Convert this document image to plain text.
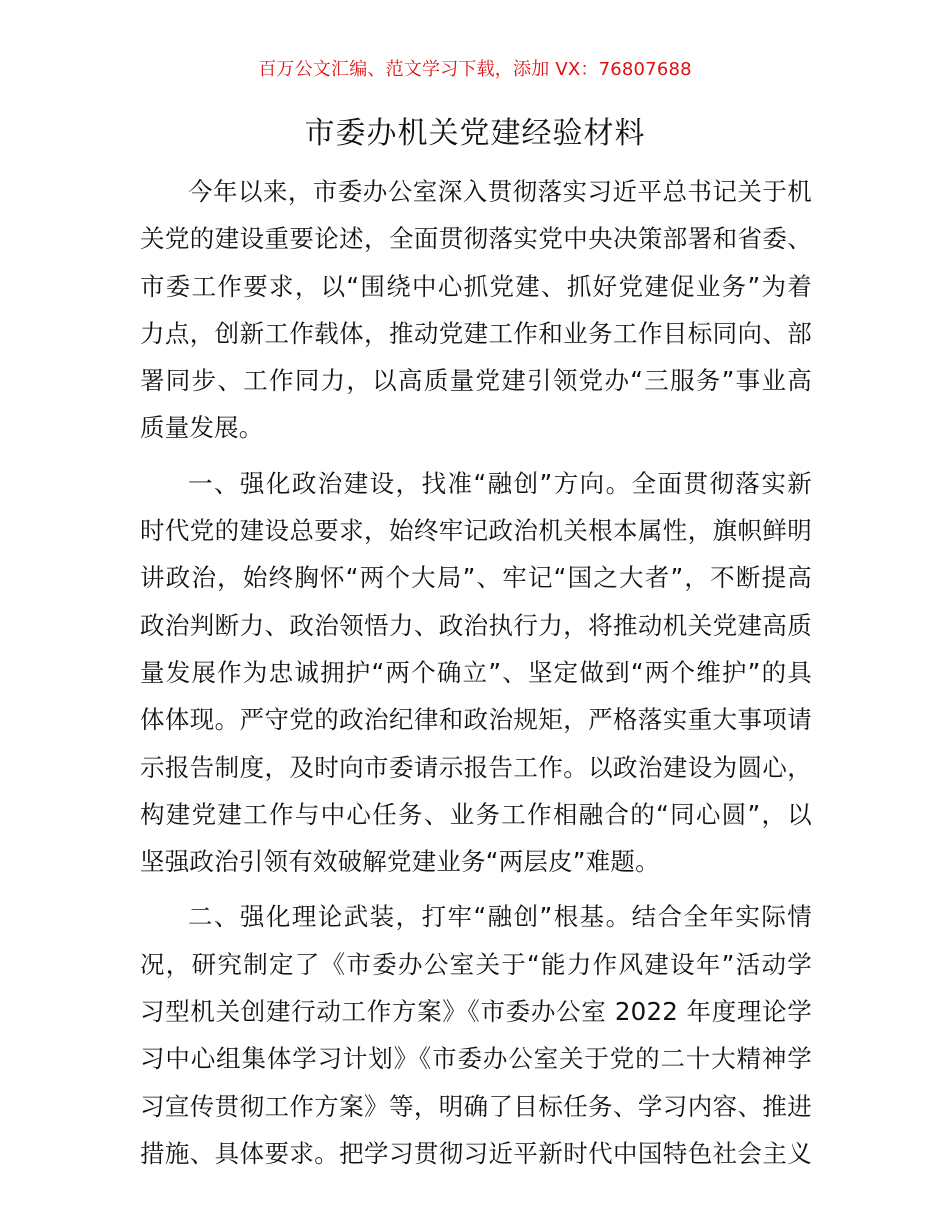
百万公文汇编、范文学习下载，添加 VX：76807688
市委办机关党建经验材料
今年以来，市委办公室深入贯彻落实习近平总书记关于机
关党的建设重要论述，全面贯彻落实党中央决策部署和省委、
市委工作要求，以“围绕中心抓党建、抓好党建促业务”为着
力点，创新工作载体，推动党建工作和业务工作目标同向、部
署同步、工作同力，以高质量党建引领党办“三服务”事业高
质量发展。
一、强化政治建设，找准“融创”方向。全面贯彻落实新
时代党的建设总要求，始终牢记政治机关根本属性，旗帜鲜明
讲政治，始终胸怀“两个大局”、牢记“国之大者”，不断提高
政治判断力、政治领悟力、政治执行力，将推动机关党建高质
量发展作为忠诚拥护“两个确立”、坚定做到“两个维护”的具
体体现。严守党的政治纪律和政治规矩，严格落实重大事项请
示报告制度，及时向市委请示报告工作。以政治建设为圆心，
构建党建工作与中心任务、业务工作相融合的“同心圆”，以
坚强政治引领有效破解党建业务“两层皮”难题。
二、强化理论武装，打牢“融创”根基。结合全年实际情
况，研究制定了《市委办公室关于“能力作风建设年”活动学
习型机关创建行动工作方案》《市委办公室 2022 年度理论学
习中心组集体学习计划》《市委办公室关于党的二十大精神学
习宣传贯彻工作方案》等，明确了目标任务、学习内容、推进
措施、具体要求。把学习贯彻习近平新时代中国特色社会主义
